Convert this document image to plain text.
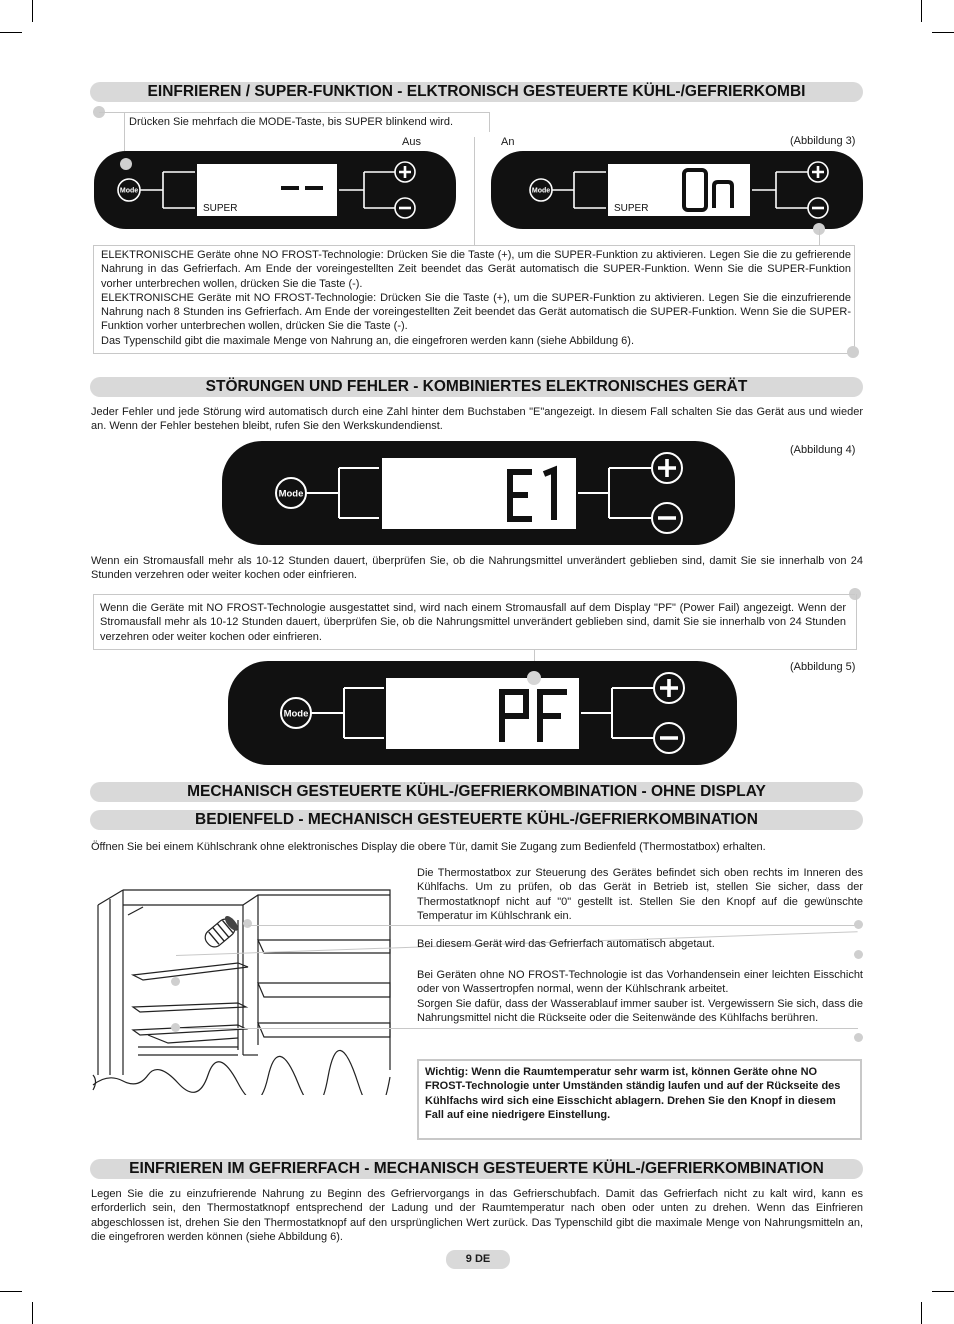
EINFRIEREN / SUPER-FUNKTION - ELKTRONISCH GESTEUERTE KÜHL-/GEFRIERKOMBI
Drücken Sie mehrfach die MODE-Taste, bis SUPER blinkend wird.
Aus	An	(Abbildung 3)
Mode
SUPER
Mode
SUPER
ELEKTRONISCHE Geräte ohne NO FROST-Technologie: Drücken Sie die Taste (+), um die SUPER-Funktion zu aktivieren. Legen Sie die zu gefrierende Nahrung in das Gefrierfach. Am Ende der voreingestellten Zeit beendet das Gerät automatisch die SUPER-Funktion. Wenn Sie die SUPER-Funktion vorher unterbrechen wollen, drücken Sie die Taste (-).
ELEKTRONISCHE Geräte mit NO FROST-Technologie: Drücken Sie die Taste (+), um die SUPER-Funktion zu aktivieren. Legen Sie die einzufrierende Nahrung nach 8 Stunden ins Gefrierfach. Am Ende der voreingestellten Zeit beendet das Gerät automatisch die SUPER-Funktion. Wenn Sie die SUPER-Funktion vorher unterbrechen wollen, drücken Sie die Taste (-).
Das Typenschild gibt die maximale Menge von Nahrung an, die eingefroren werden kann (siehe Abbildung 6).
STÖRUNGEN UND FEHLER - KOMBINIERTES ELEKTRONISCHES GERÄT
Jeder Fehler und jede Störung wird automatisch durch eine Zahl hinter dem Buchstaben "E"angezeigt. In diesem Fall schalten Sie das Gerät aus und wieder an. Wenn der Fehler bestehen bleibt, rufen Sie den Werkskundendienst.
(Abbildung 4)
Mode
Wenn ein Stromausfall mehr als 10-12 Stunden dauert, überprüfen Sie, ob die Nahrungsmittel unverändert geblieben sind, damit Sie sie innerhalb von 24 Stunden verzehren oder weiter kochen oder einfrieren.
Wenn die Geräte mit NO FROST-Technologie ausgestattet sind, wird nach einem Stromausfall auf dem Display "PF" (Power Fail) angezeigt. Wenn der Stromausfall mehr als 10-12 Stunden dauert, überprüfen Sie, ob die Nahrungsmittel unverändert geblieben sind, damit Sie sie innerhalb von 24 Stunden verzehren oder weiter kochen oder einfrieren.
(Abbildung 5)
Mode
MECHANISCH GESTEUERTE KÜHL-/GEFRIERKOMBINATION - OHNE DISPLAY
BEDIENFELD - MECHANISCH GESTEUERTE KÜHL-/GEFRIERKOMBINATION
Öffnen Sie bei einem Kühlschrank ohne elektronisches Display die obere Tür, damit Sie Zugang zum Bedienfeld (Thermostatbox) erhalten.
Die Thermostatbox zur Steuerung des Gerätes befindet sich oben rechts im Inneren des Kühlfachs. Um zu prüfen, ob das Gerät in Betrieb ist, stellen Sie sicher, dass der Thermostatknopf nicht auf "0" gestellt ist. Stellen Sie den Knopf auf die gewünschte Temperatur im Kühlschrank ein.
Bei diesem Gerät wird das Gefrierfach automatisch abgetaut.
Bei Geräten ohne NO FROST-Technologie ist das Vorhandensein einer leichten Eisschicht oder von Wassertropfen normal, wenn der Kühlschrank arbeitet.
Sorgen Sie dafür, dass der Wasserablauf immer sauber ist. Vergewissern Sie sich, dass die Nahrungsmittel nicht die Rückseite oder die Seitenwände des Kühlfachs berühren.
Wichtig: Wenn die Raumtemperatur sehr warm ist, können Geräte ohne NO FROST-Technologie unter Umständen ständig laufen und auf der Rückseite des Kühlfachs wird sich eine Eisschicht ablagern. Drehen Sie den Knopf in diesem Fall auf eine niedrigere Einstellung.
EINFRIEREN IM GEFRIERFACH - MECHANISCH GESTEUERTE KÜHL-/GEFRIERKOMBINATION
Legen Sie die zu einzufrierende Nahrung zu Beginn des Gefriervorgangs in das Gefrierschubfach. Damit das Gefrierfach nicht zu kalt wird, kann es erforderlich sein, den Thermostatknopf entsprechend der Ladung und der Raumtemperatur nach oben oder unten zu drehen. Wenn das Einfrieren abgeschlossen ist, drehen Sie den Thermostatknopf auf den ursprünglichen Wert zurück. Das Typenschild gibt die maximale Menge von Nahrungsmitteln an, die eingefroren werden können (siehe Abbildung 6).
9 DE
